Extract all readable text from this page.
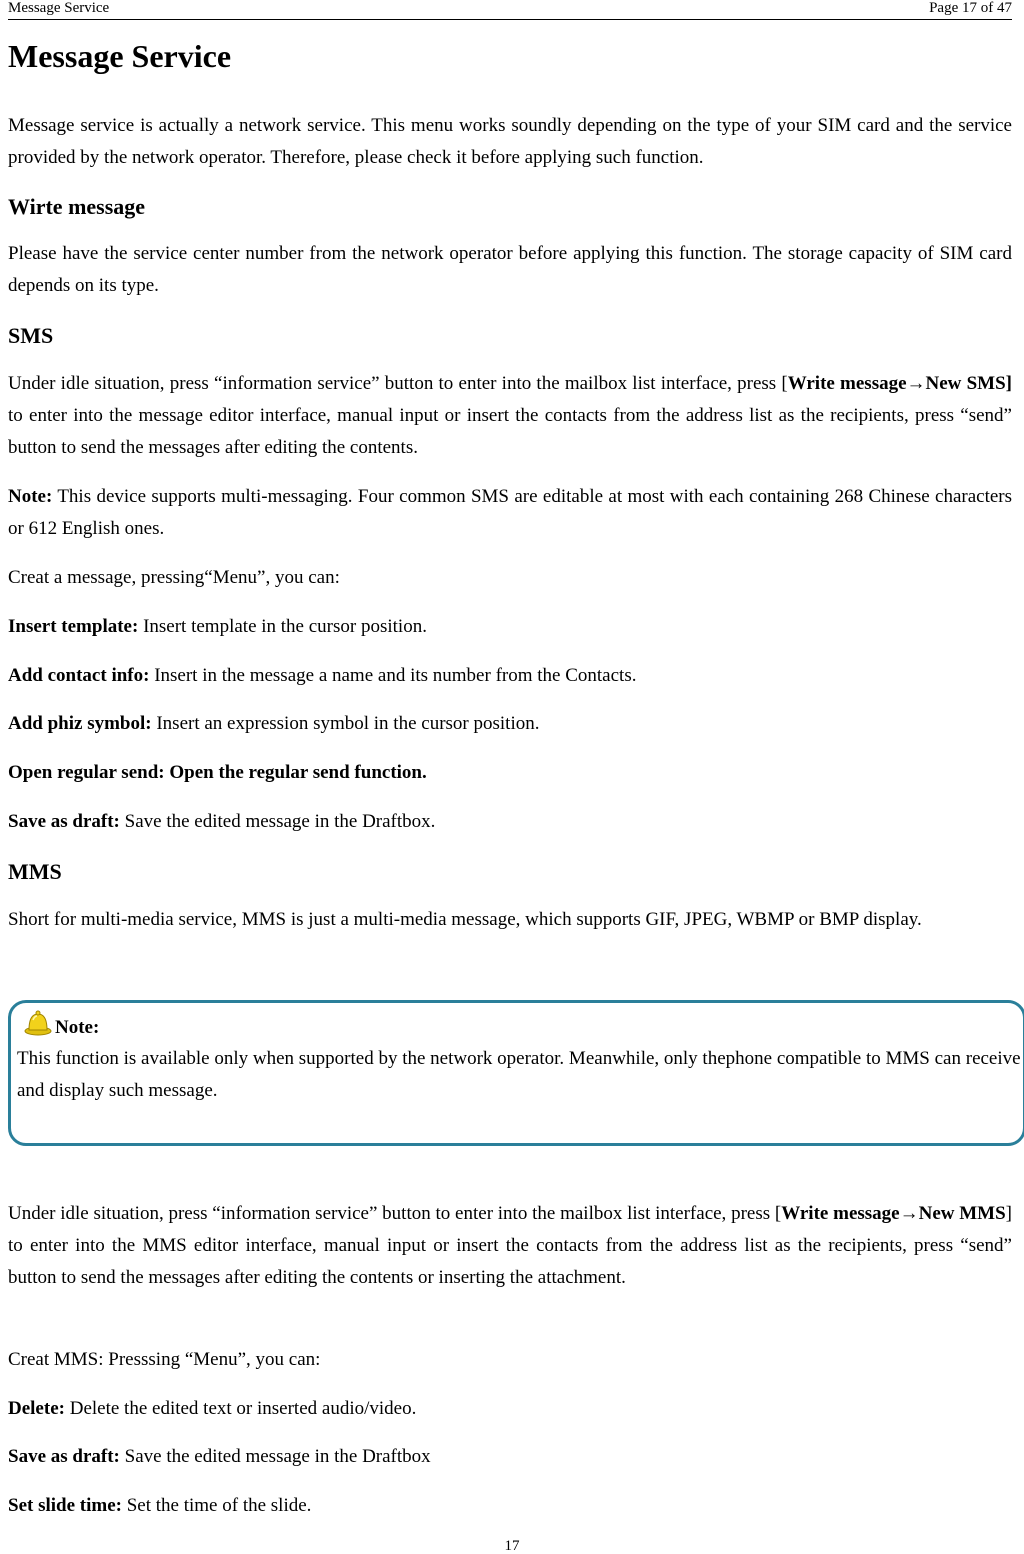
Message Service	Page 17 of 47
Message Service

Message service is actually a network service. This menu works soundly depending on the type of your SIM card and the service provided by the network operator. Therefore, please check it before applying such function.

Wirte message

Please have the service center number from the network operator before applying this function. The storage capacity of SIM card depends on its type.

SMS

Under idle situation, press “information service” button to enter into the mailbox list interface, press [Write message→New SMS] to enter into the message editor interface, manual input or insert the contacts from the address list as the recipients, press “send” button to send the messages after editing the contents.

Note: This device supports multi-messaging. Four common SMS are editable at most with each containing 268 Chinese characters or 612 English ones.

Creat a message, pressing“Menu”, you can:

Insert template: Insert template in the cursor position.

Add contact info: Insert in the message a name and its number from the Contacts.

Add phiz symbol: Insert an expression symbol in the cursor position.

Open regular send: Open the regular send function.

Save as draft: Save the edited message in the Draftbox.

MMS

Short for multi-media service, MMS is just a multi-media message, which supports GIF, JPEG, WBMP or BMP display.

Note:
This function is available only when supported by the network operator. Meanwhile, only thephone compatible to MMS can receive and display such message.

Under idle situation, press “information service” button to enter into the mailbox list interface, press [Write message→New MMS] to enter into the MMS editor interface, manual input or insert the contacts from the address list as the recipients, press “send” button to send the messages after editing the contents or inserting the attachment.

Creat MMS: Presssing “Menu”, you can:

Delete: Delete the edited text or inserted audio/video.

Save as draft: Save the edited message in the Draftbox

Set slide time: Set the time of the slide.

17
